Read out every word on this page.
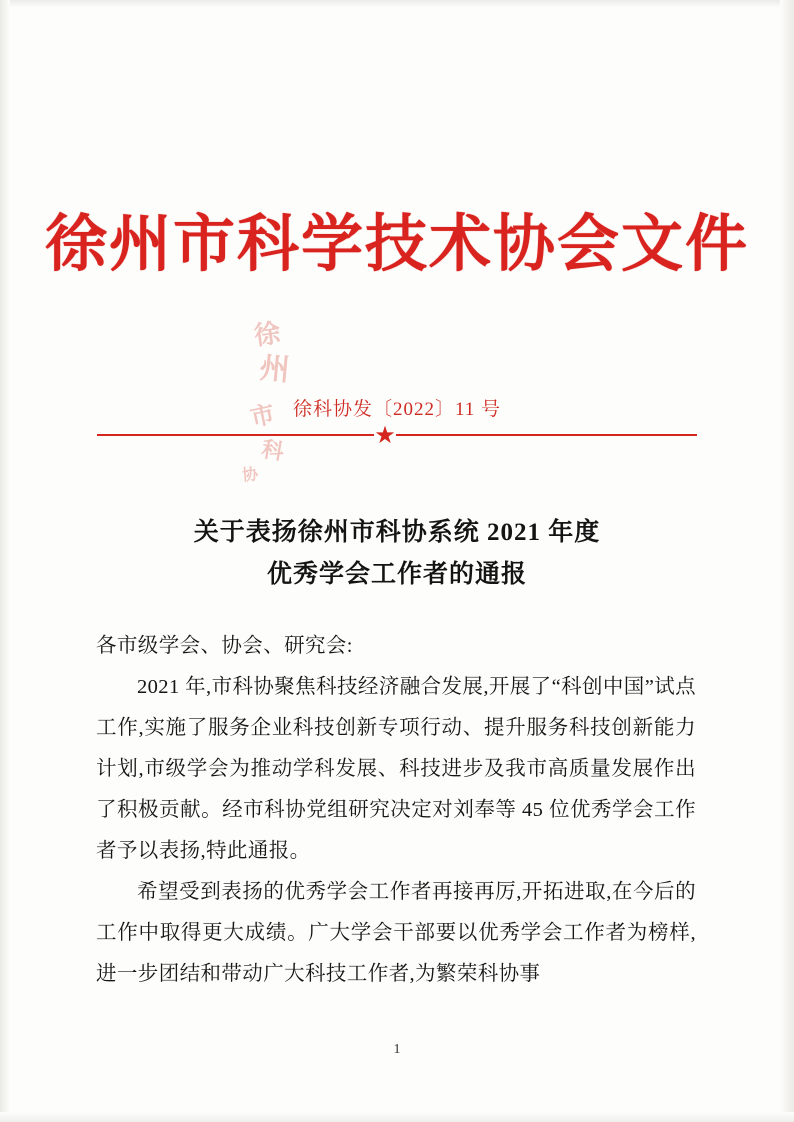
徐州市科学技术协会文件
徐
州
市
科
协
徐科协发〔2022〕11 号
★
关于表扬徐州市科协系统 2021 年度
优秀学会工作者的通报

各市级学会、协会、研究会:

2021 年,市科协聚焦科技经济融合发展,开展了“科创中国”试点工作,实施了服务企业科技创新专项行动、提升服务科技创新能力计划,市级学会为推动学科发展、科技进步及我市高质量发展作出了积极贡献。经市科协党组研究决定对刘奉等 45 位优秀学会工作者予以表扬,特此通报。

希望受到表扬的优秀学会工作者再接再厉,开拓进取,在今后的工作中取得更大成绩。广大学会干部要以优秀学会工作者为榜样,进一步团结和带动广大科技工作者,为繁荣科协事

1
